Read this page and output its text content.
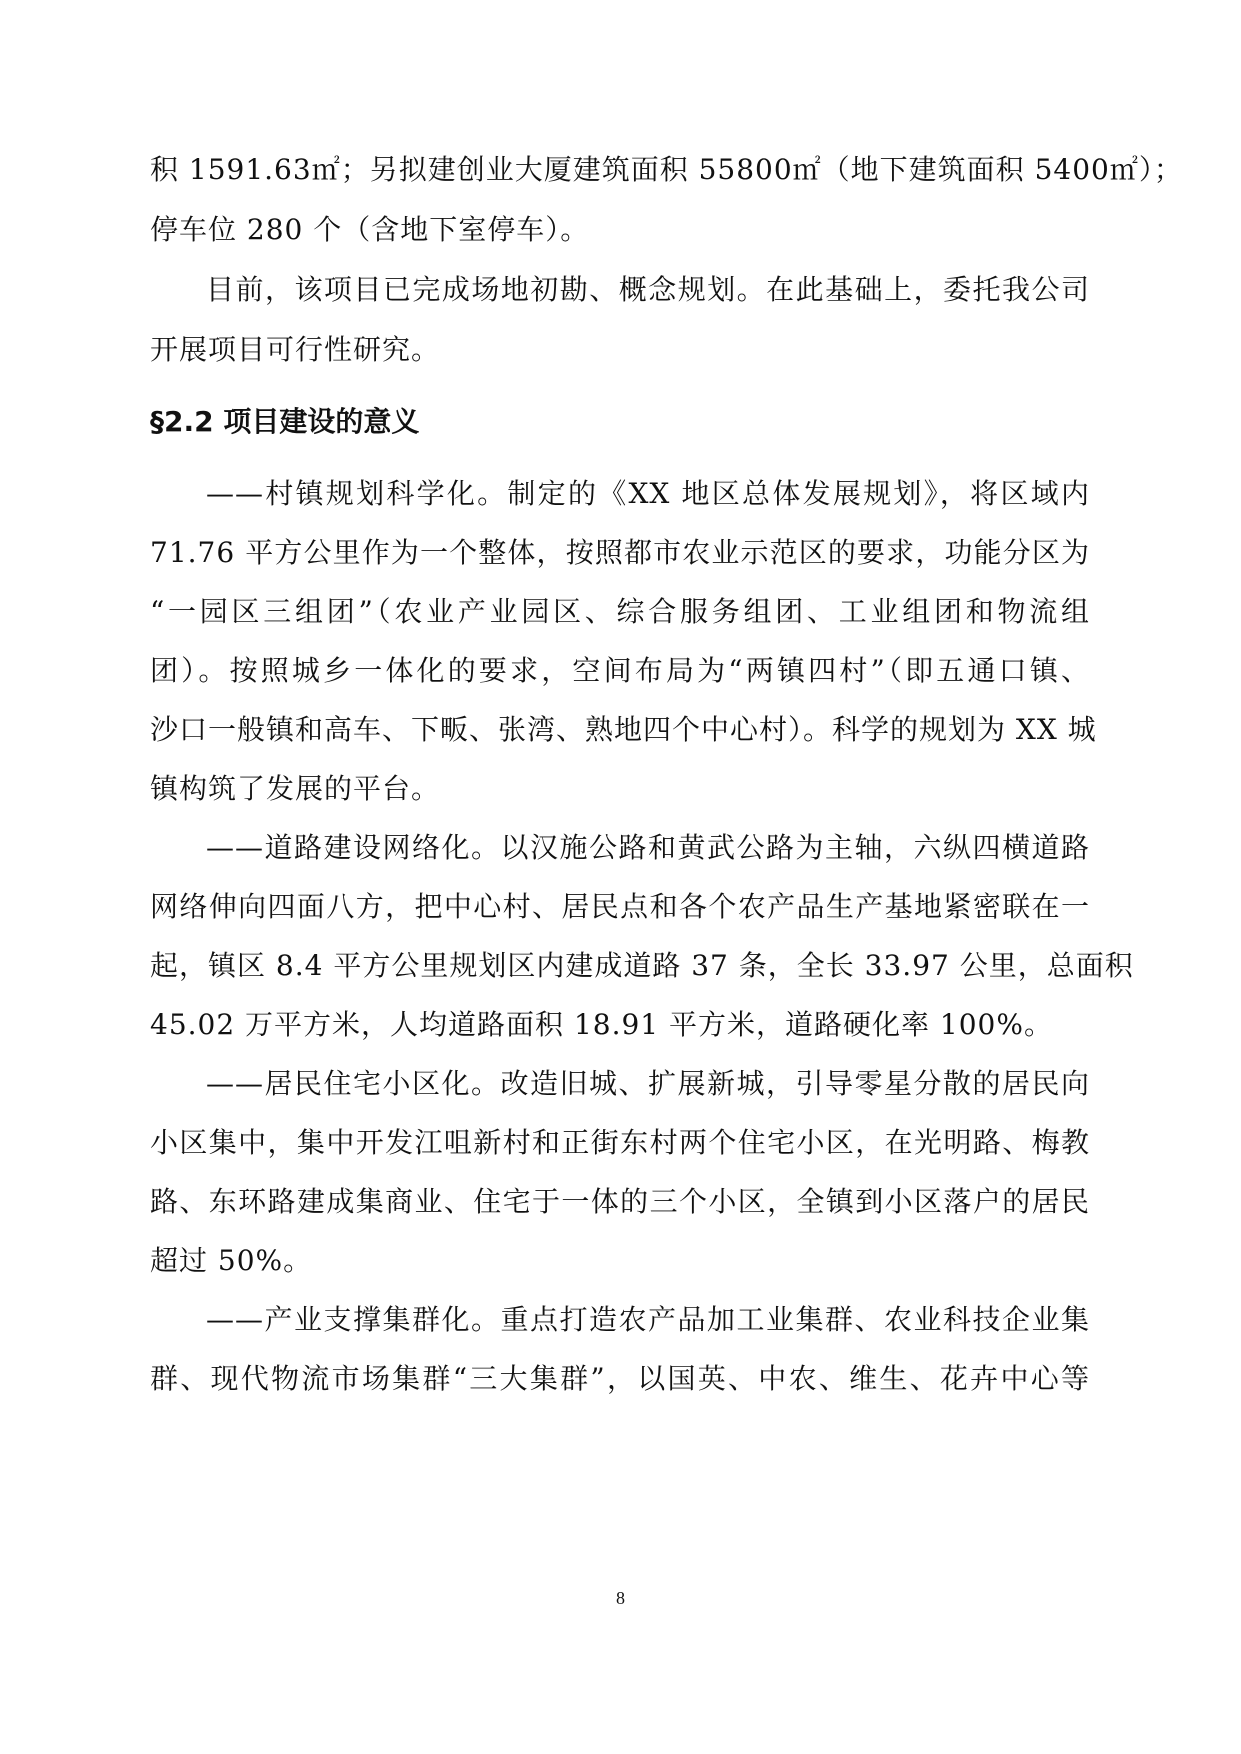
积 1591.63㎡；另拟建创业大厦建筑面积 55800㎡（地下建筑面积 5400㎡）；
停车位 280 个（含地下室停车）。
目前，该项目已完成场地初勘、概念规划。在此基础上，委托我公司
开展项目可行性研究。
§2.2 项目建设的意义
——村镇规划科学化。制定的《XX 地区总体发展规划》，将区域内
71.76 平方公里作为一个整体，按照都市农业示范区的要求，功能分区为
“一园区三组团”（农业产业园区、综合服务组团、工业组团和物流组
团）。按照城乡一体化的要求，空间布局为“两镇四村”（即五通口镇、
沙口一般镇和高车、下畈、张湾、熟地四个中心村）。科学的规划为 XX 城
镇构筑了发展的平台。
——道路建设网络化。以汉施公路和黄武公路为主轴，六纵四横道路
网络伸向四面八方，把中心村、居民点和各个农产品生产基地紧密联在一
起，镇区 8.4 平方公里规划区内建成道路 37 条，全长 33.97 公里，总面积
45.02 万平方米，人均道路面积 18.91 平方米，道路硬化率 100%。
——居民住宅小区化。改造旧城、扩展新城，引导零星分散的居民向
小区集中，集中开发江咀新村和正街东村两个住宅小区，在光明路、梅教
路、东环路建成集商业、住宅于一体的三个小区，全镇到小区落户的居民
超过 50%。
——产业支撑集群化。重点打造农产品加工业集群、农业科技企业集
群、现代物流市场集群“三大集群”，以国英、中农、维生、花卉中心等
8
